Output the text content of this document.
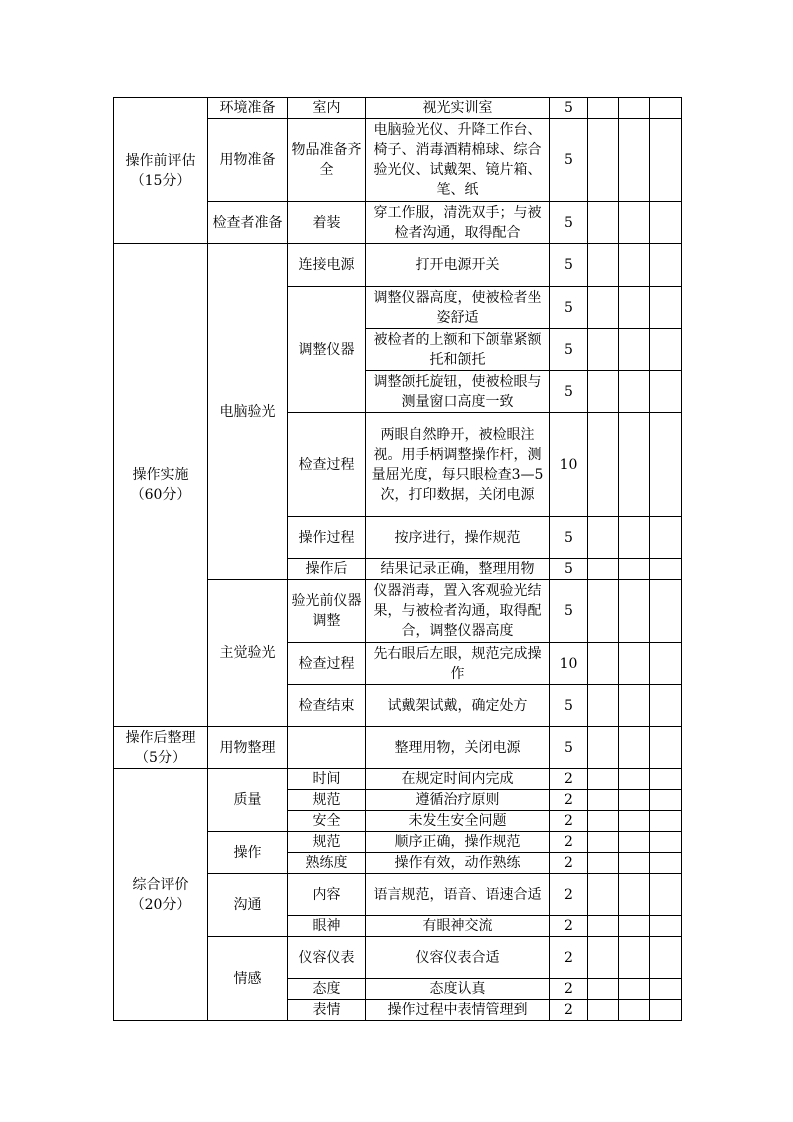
操作前评估
（15分）	环境准备	室内	视光实训室	5			
	用物准备	物品准备齐全	电脑验光仪、升降工作台、椅子、消毒酒精棉球、综合验光仪、试戴架、镜片箱、笔、纸	5			
	检查者准备	着装	穿工作服，清洗双手；与被检者沟通，取得配合	5			

操作实施
（60分）	电脑验光	连接电源	打开电源开关	5			
		调整仪器	调整仪器高度，使被检者坐姿舒适	5			
			被检者的上额和下颌靠紧额托和颌托	5			
			调整颌托旋钮，使被检眼与测量窗口高度一致	5			
		检查过程	两眼自然睁开，被检眼注视。用手柄调整操作杆，测量屈光度，每只眼检查3—5次，打印数据，关闭电源	10			
		操作过程	按序进行，操作规范	5			
		操作后	结果记录正确，整理用物	5			
	主觉验光	验光前仪器调整	仪器消毒，置入客观验光结果，与被检者沟通，取得配合，调整仪器高度	5			
		检查过程	先右眼后左眼，规范完成操作	10			
		检查结束	试戴架试戴，确定处方	5			

操作后整理
（5分）	用物整理		整理用物，关闭电源	5			

综合评价
（20分）	质量	时间	在规定时间内完成	2			
		规范	遵循治疗原则	2			
		安全	未发生安全问题	2			
	操作	规范	顺序正确，操作规范	2			
		熟练度	操作有效，动作熟练	2			
	沟通	内容	语言规范，语音、语速合适	2			
		眼神	有眼神交流	2			
	情感	仪容仪表	仪容仪表合适	2			
		态度	态度认真	2			
		表情	操作过程中表情管理到	2			
